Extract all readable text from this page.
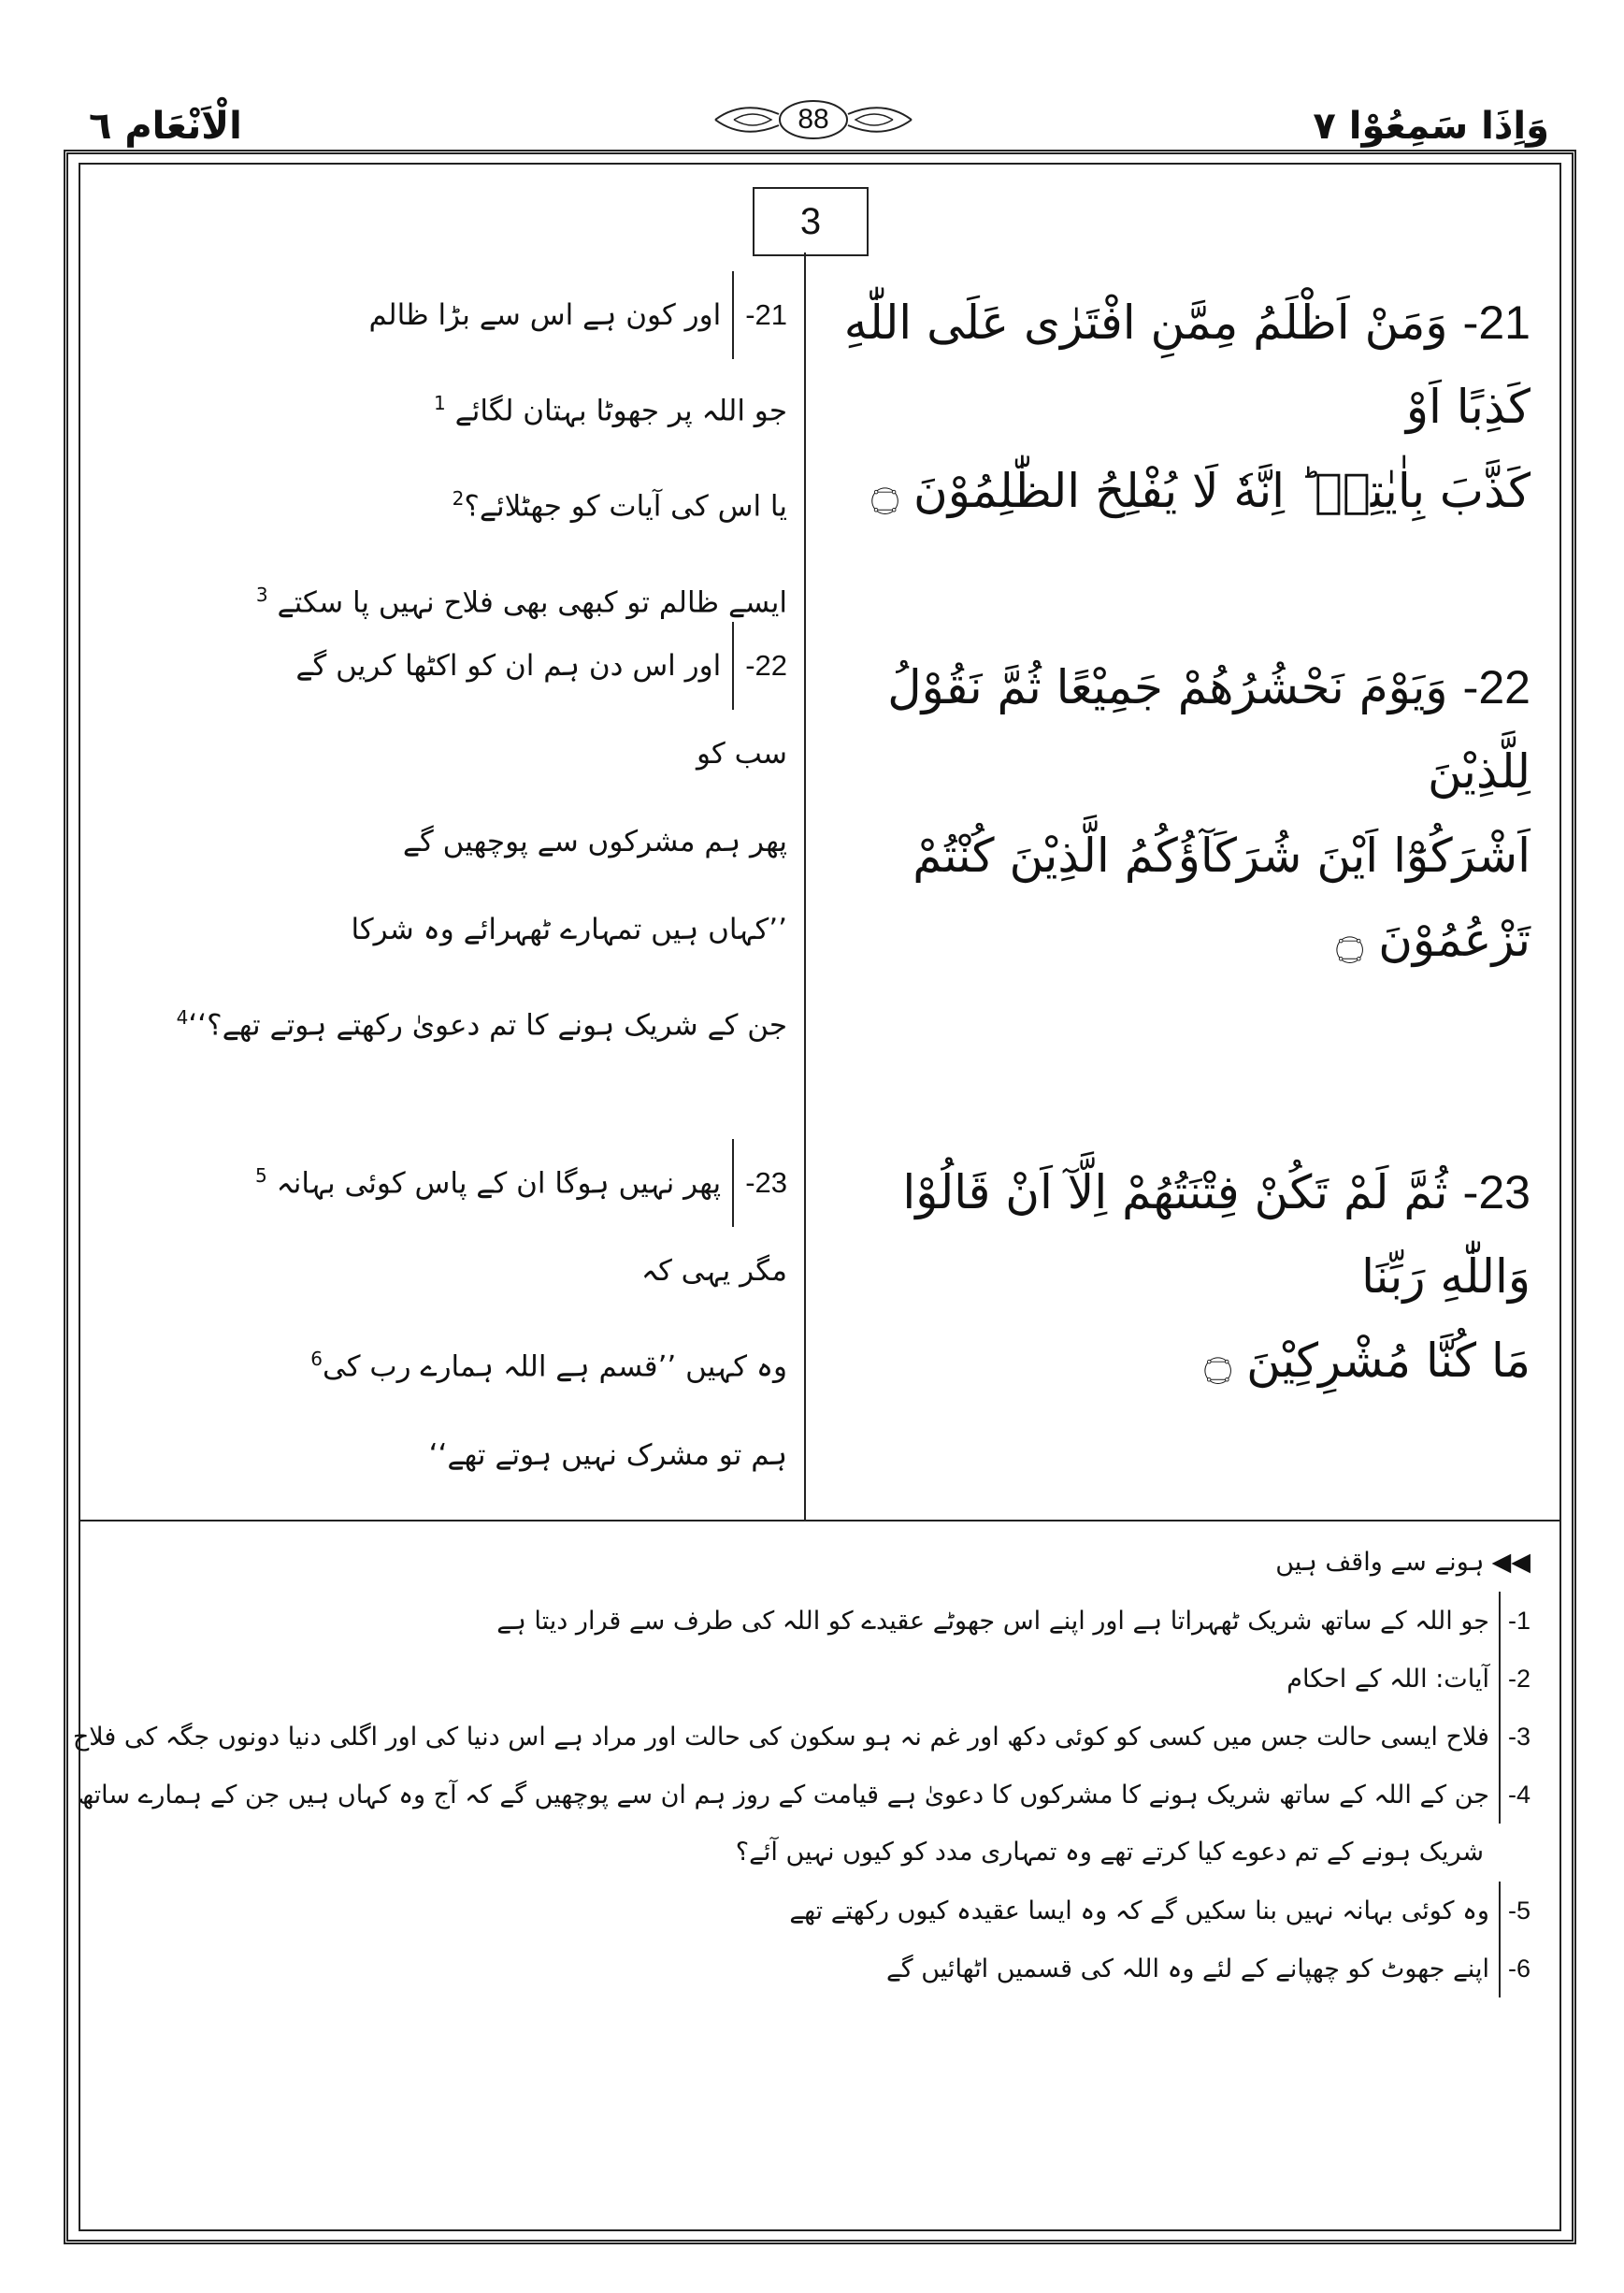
وَاِذَا سَمِعُوْا ٧
88
الْاَنْعَام ٦
3
21- وَمَنْ اَظْلَمُ مِمَّنِ افْتَرٰى عَلَى اللّٰهِ كَذِبًا اَوْ
كَذَّبَ بِاٰيٰتِهٖ ؕ اِنَّهٗ لَا يُفْلِحُ الظّٰلِمُوْنَ ۝
21-اور کون ہے اس سے بڑا ظالم
جو اللہ پر جھوٹا بہتان لگائے $^1$
یا اس کی آیات کو جھٹلائے؟$^2$
ایسے ظالم تو کبھی بھی فلاح نہیں پا سکتے $^3$
22- وَيَوْمَ نَحْشُرُهُمْ جَمِيْعًا ثُمَّ نَقُوْلُ لِلَّذِيْنَ
اَشْرَكُوْٓا اَيْنَ شُرَكَآؤُكُمُ الَّذِيْنَ كُنْتُمْ تَزْعُمُوْنَ ۝
22-اور اس دن ہم ان کو اکٹھا کریں گے
سب کو
پھر ہم مشرکوں سے پوچھیں گے
’’کہاں ہیں تمہارے ٹھہرائے وہ شرکا
جن کے شریک ہونے کا تم دعویٰ رکھتے ہوتے تھے؟‘‘$^4$
23- ثُمَّ لَمْ تَكُنْ فِتْنَتُهُمْ اِلَّآ اَنْ قَالُوْا وَاللّٰهِ رَبِّنَا
مَا كُنَّا مُشْرِكِيْنَ ۝
23-پھر نہیں ہوگا ان کے پاس کوئی بہانہ $^5$
مگر یہی کہ
وہ کہیں ’’قسم ہے اللہ ہمارے رب کی$^6$
ہم تو مشرک نہیں ہوتے تھے‘‘
◀◀ہونے سے واقف ہیں
1-جو اللہ کے ساتھ شریک ٹھہراتا ہے اور اپنے اس جھوٹے عقیدے کو اللہ کی طرف سے قرار دیتا ہے
2-آیات: اللہ کے احکام
3-فلاح ایسی حالت جس میں کسی کو کوئی دکھ اور غم نہ ہو سکون کی حالت اور مراد ہے اس دنیا کی اور اگلی دنیا دونوں جگہ کی فلاح
4-جن کے اللہ کے ساتھ شریک ہونے کا مشرکوں کا دعویٰ ہے قیامت کے روز ہم ان سے پوچھیں گے کہ آج وہ کہاں ہیں جن کے ہمارے ساتھ
شریک ہونے کے تم دعوے کیا کرتے تھے وہ تمہاری مدد کو کیوں نہیں آئے؟
5-وہ کوئی بہانہ نہیں بنا سکیں گے کہ وہ ایسا عقیدہ کیوں رکھتے تھے
6-اپنے جھوٹ کو چھپانے کے لئے وہ اللہ کی قسمیں اٹھائیں گے
